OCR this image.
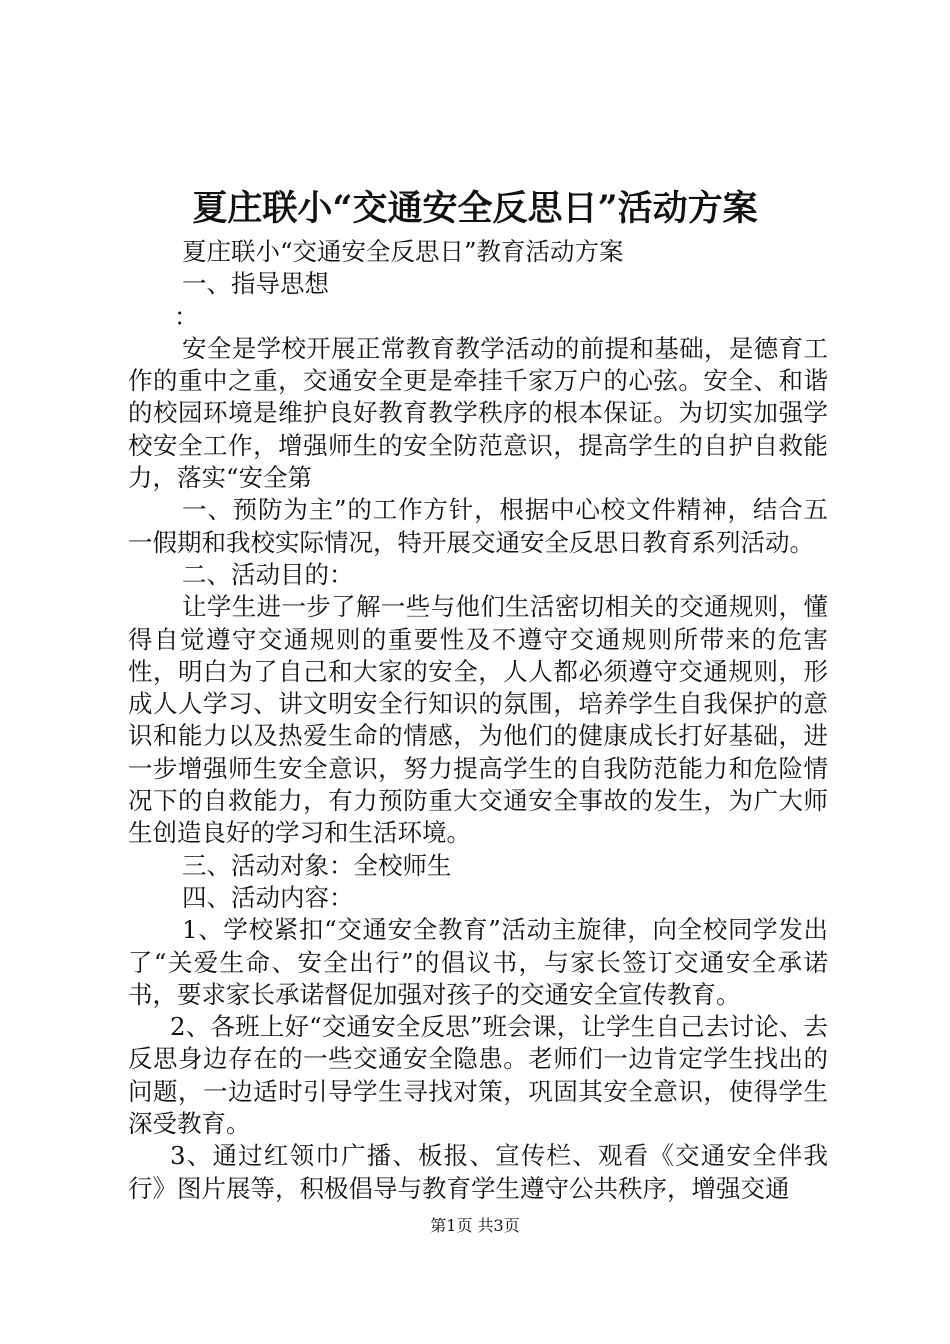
夏庄联小“交通安全反思日”活动方案

夏庄联小“交通安全反思日”教育活动方案

一、指导思想

：

安全是学校开展正常教育教学活动的前提和基础，是德育工作的重中之重，交通安全更是牵挂千家万户的心弦。安全、和谐的校园环境是维护良好教育教学秩序的根本保证。为切实加强学校安全工作，增强师生的安全防范意识，提高学生的自护自救能力，落实“安全第

一、预防为主”的工作方针，根据中心校文件精神，结合五一假期和我校实际情况，特开展交通安全反思日教育系列活动。

二、活动目的：

让学生进一步了解一些与他们生活密切相关的交通规则，懂得自觉遵守交通规则的重要性及不遵守交通规则所带来的危害性，明白为了自己和大家的安全，人人都必须遵守交通规则，形成人人学习、讲文明安全行知识的氛围，培养学生自我保护的意识和能力以及热爱生命的情感，为他们的健康成长打好基础，进一步增强师生安全意识，努力提高学生的自我防范能力和危险情况下的自救能力，有力预防重大交通安全事故的发生，为广大师生创造良好的学习和生活环境。

三、活动对象：全校师生

四、活动内容：

1、学校紧扣“交通安全教育”活动主旋律，向全校同学发出了“关爱生命、安全出行”的倡议书，与家长签订交通安全承诺书，要求家长承诺督促加强对孩子的交通安全宣传教育。

2、各班上好“交通安全反思”班会课，让学生自己去讨论、去反思身边存在的一些交通安全隐患。老师们一边肯定学生找出的问题，一边适时引导学生寻找对策，巩固其安全意识，使得学生深受教育。

3、通过红领巾广播、板报、宣传栏、观看《交通安全伴我行》图片展等，积极倡导与教育学生遵守公共秩序，增强交通

第1页 共3页
